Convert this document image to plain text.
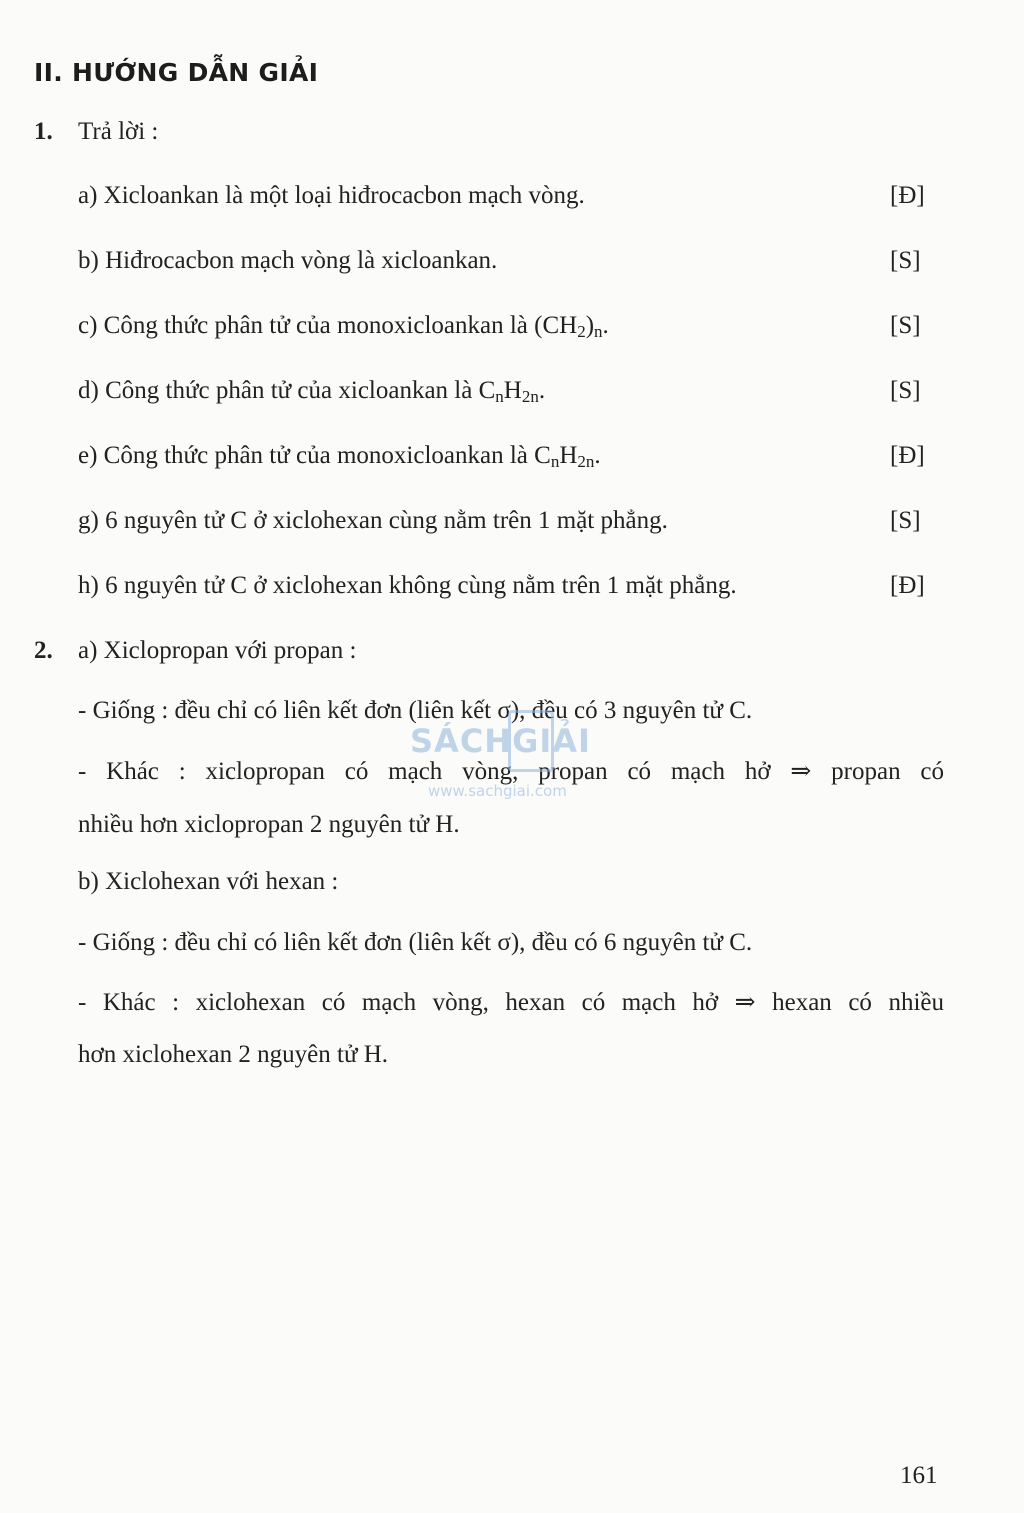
II. HƯỚNG DẪN GIẢI
1. Trả lời :
a) Xicloankan là một loại hiđrocacbon mạch vòng.	[Đ]
b) Hiđrocacbon mạch vòng là xicloankan.	[S]
c) Công thức phân tử của monoxicloankan là $(CH_2)_n$.	[S]
d) Công thức phân tử của xicloankan là $C_nH_{2n}$.	[S]
e) Công thức phân tử của monoxicloankan là $C_nH_{2n}$.	[Đ]
g) 6 nguyên tử C ở xiclohexan cùng nằm trên 1 mặt phẳng.	[S]
h) 6 nguyên tử C ở xiclohexan không cùng nằm trên 1 mặt phẳng.	[Đ]
2. a) Xiclopropan với propan :
- Giống : đều chỉ có liên kết đơn (liên kết σ), đều có 3 nguyên tử C.
- Khác : xiclopropan có mạch vòng, propan có mạch hở ⇒ propan có
nhiều hơn xiclopropan 2 nguyên tử H.
b) Xiclohexan với hexan :
- Giống : đều chỉ có liên kết đơn (liên kết σ), đều có 6 nguyên tử C.
- Khác : xiclohexan có mạch vòng, hexan có mạch hở ⇒ hexan có nhiều
hơn xiclohexan 2 nguyên tử H.
SÁCHGIẢI
www.sachgiai.com
161
